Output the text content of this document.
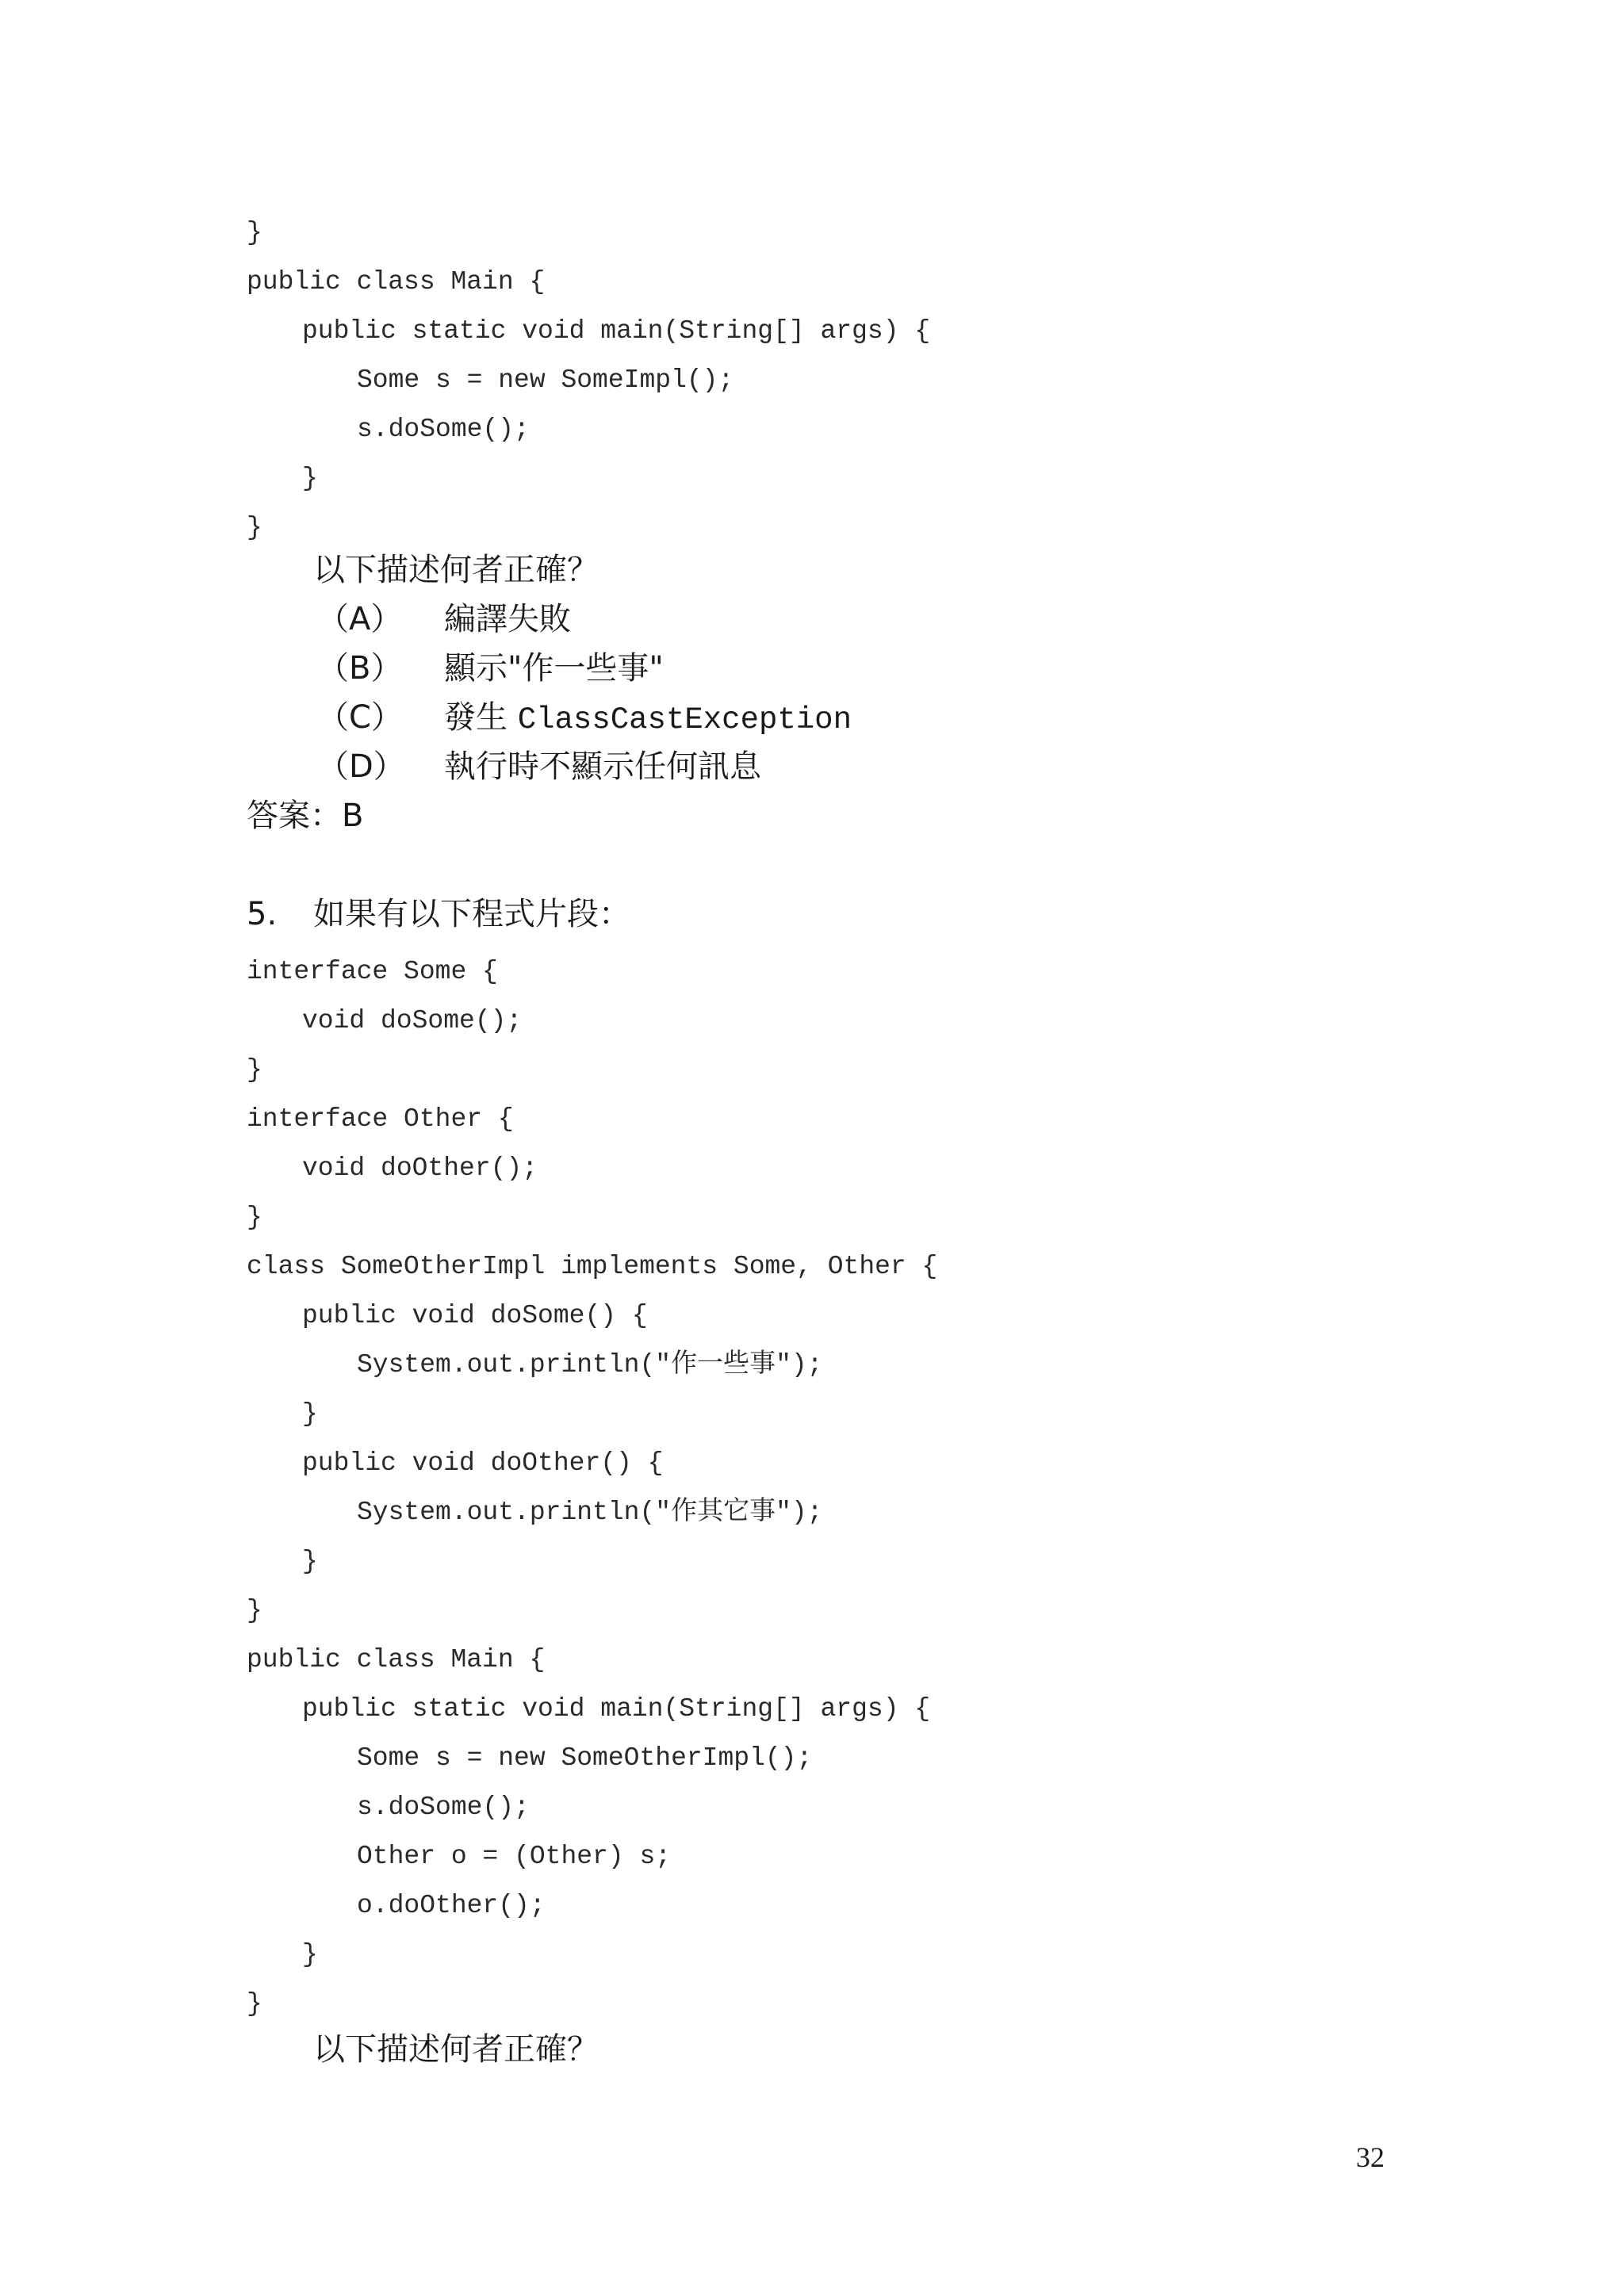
}
public class Main {
public static void main(String[] args) {
Some s = new SomeImpl();
s.doSome();
}
}
以下描述何者正確？
（A） 編譯失敗
（B） 顯示"作一些事"
（C） 發生 ClassCastException
（D） 執行時不顯示任何訊息
答案：B
5. 如果有以下程式片段：
interface Some {
void doSome();
}
interface Other {
void doOther();
}
class SomeOtherImpl implements Some, Other {
public void doSome() {
System.out.println("作一些事");
}
public void doOther() {
System.out.println("作其它事");
}
}
public class Main {
public static void main(String[] args) {
Some s = new SomeOtherImpl();
s.doSome();
Other o = (Other) s;
o.doOther();
}
}
以下描述何者正確？
32
